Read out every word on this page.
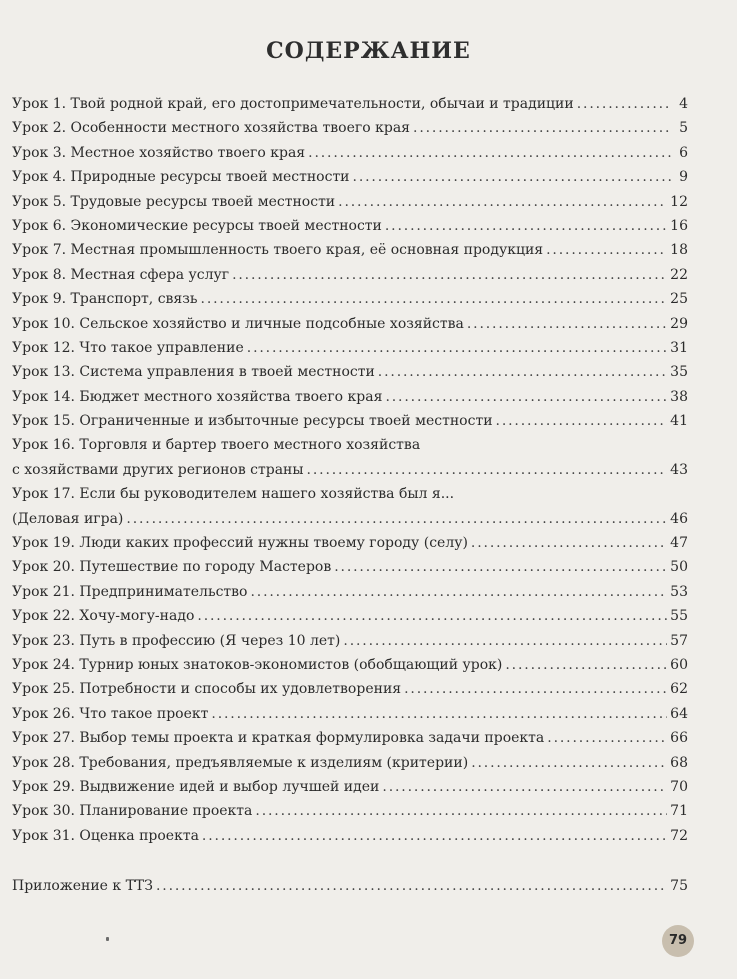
СОДЕРЖАНИЕ
Урок 1. Твой родной край, его достопримечательности, обычаи и традиции . . .	4
Урок 2. Особенности местного хозяйства твоего края . . .	5
Урок 3. Местное хозяйство твоего края . . .	6
Урок 4. Природные ресурсы твоей местности . . .	9
Урок 5. Трудовые ресурсы твоей местности . . .	12
Урок 6. Экономические ресурсы твоей местности . . .	16
Урок 7. Местная промышленность твоего края, её основная продукция . . .	18
Урок 8. Местная сфера услуг . . .	22
Урок 9. Транспорт, связь . . .	25
Урок 10. Сельское хозяйство и личные подсобные хозяйства . . .	29
Урок 12. Что такое управление . . .	31
Урок 13. Система управления в твоей местности . . .	35
Урок 14. Бюджет местного хозяйства твоего края . . .	38
Урок 15. Ограниченные и избыточные ресурсы твоей местности . . .	41
Урок 16. Торговля и бартер твоего местного хозяйства
с хозяйствами других регионов страны . . .	43
Урок 17. Если бы руководителем нашего хозяйства был я...
(Деловая игра) . . .	46
Урок 19. Люди каких профессий нужны твоему городу (селу) . . .	47
Урок 20. Путешествие по городу Мастеров . . .	50
Урок 21. Предпринимательство . . .	53
Урок 22. Хочу-могу-надо . . .	55
Урок 23. Путь в профессию (Я через 10 лет) . . .	57
Урок 24. Турнир юных знатоков-экономистов (обобщающий урок) . . .	60
Урок 25. Потребности и способы их удовлетворения . . .	62
Урок 26. Что такое проект . . .	64
Урок 27. Выбор темы проекта и краткая формулировка задачи проекта . . .	66
Урок 28. Требования, предъявляемые к изделиям (критерии) . . .	68
Урок 29. Выдвижение идей и выбор лучшей идеи . . .	70
Урок 30. Планирование проекта . . .	71
Урок 31. Оценка проекта . . .	72
Приложение к ТТЗ . . .	75
79
